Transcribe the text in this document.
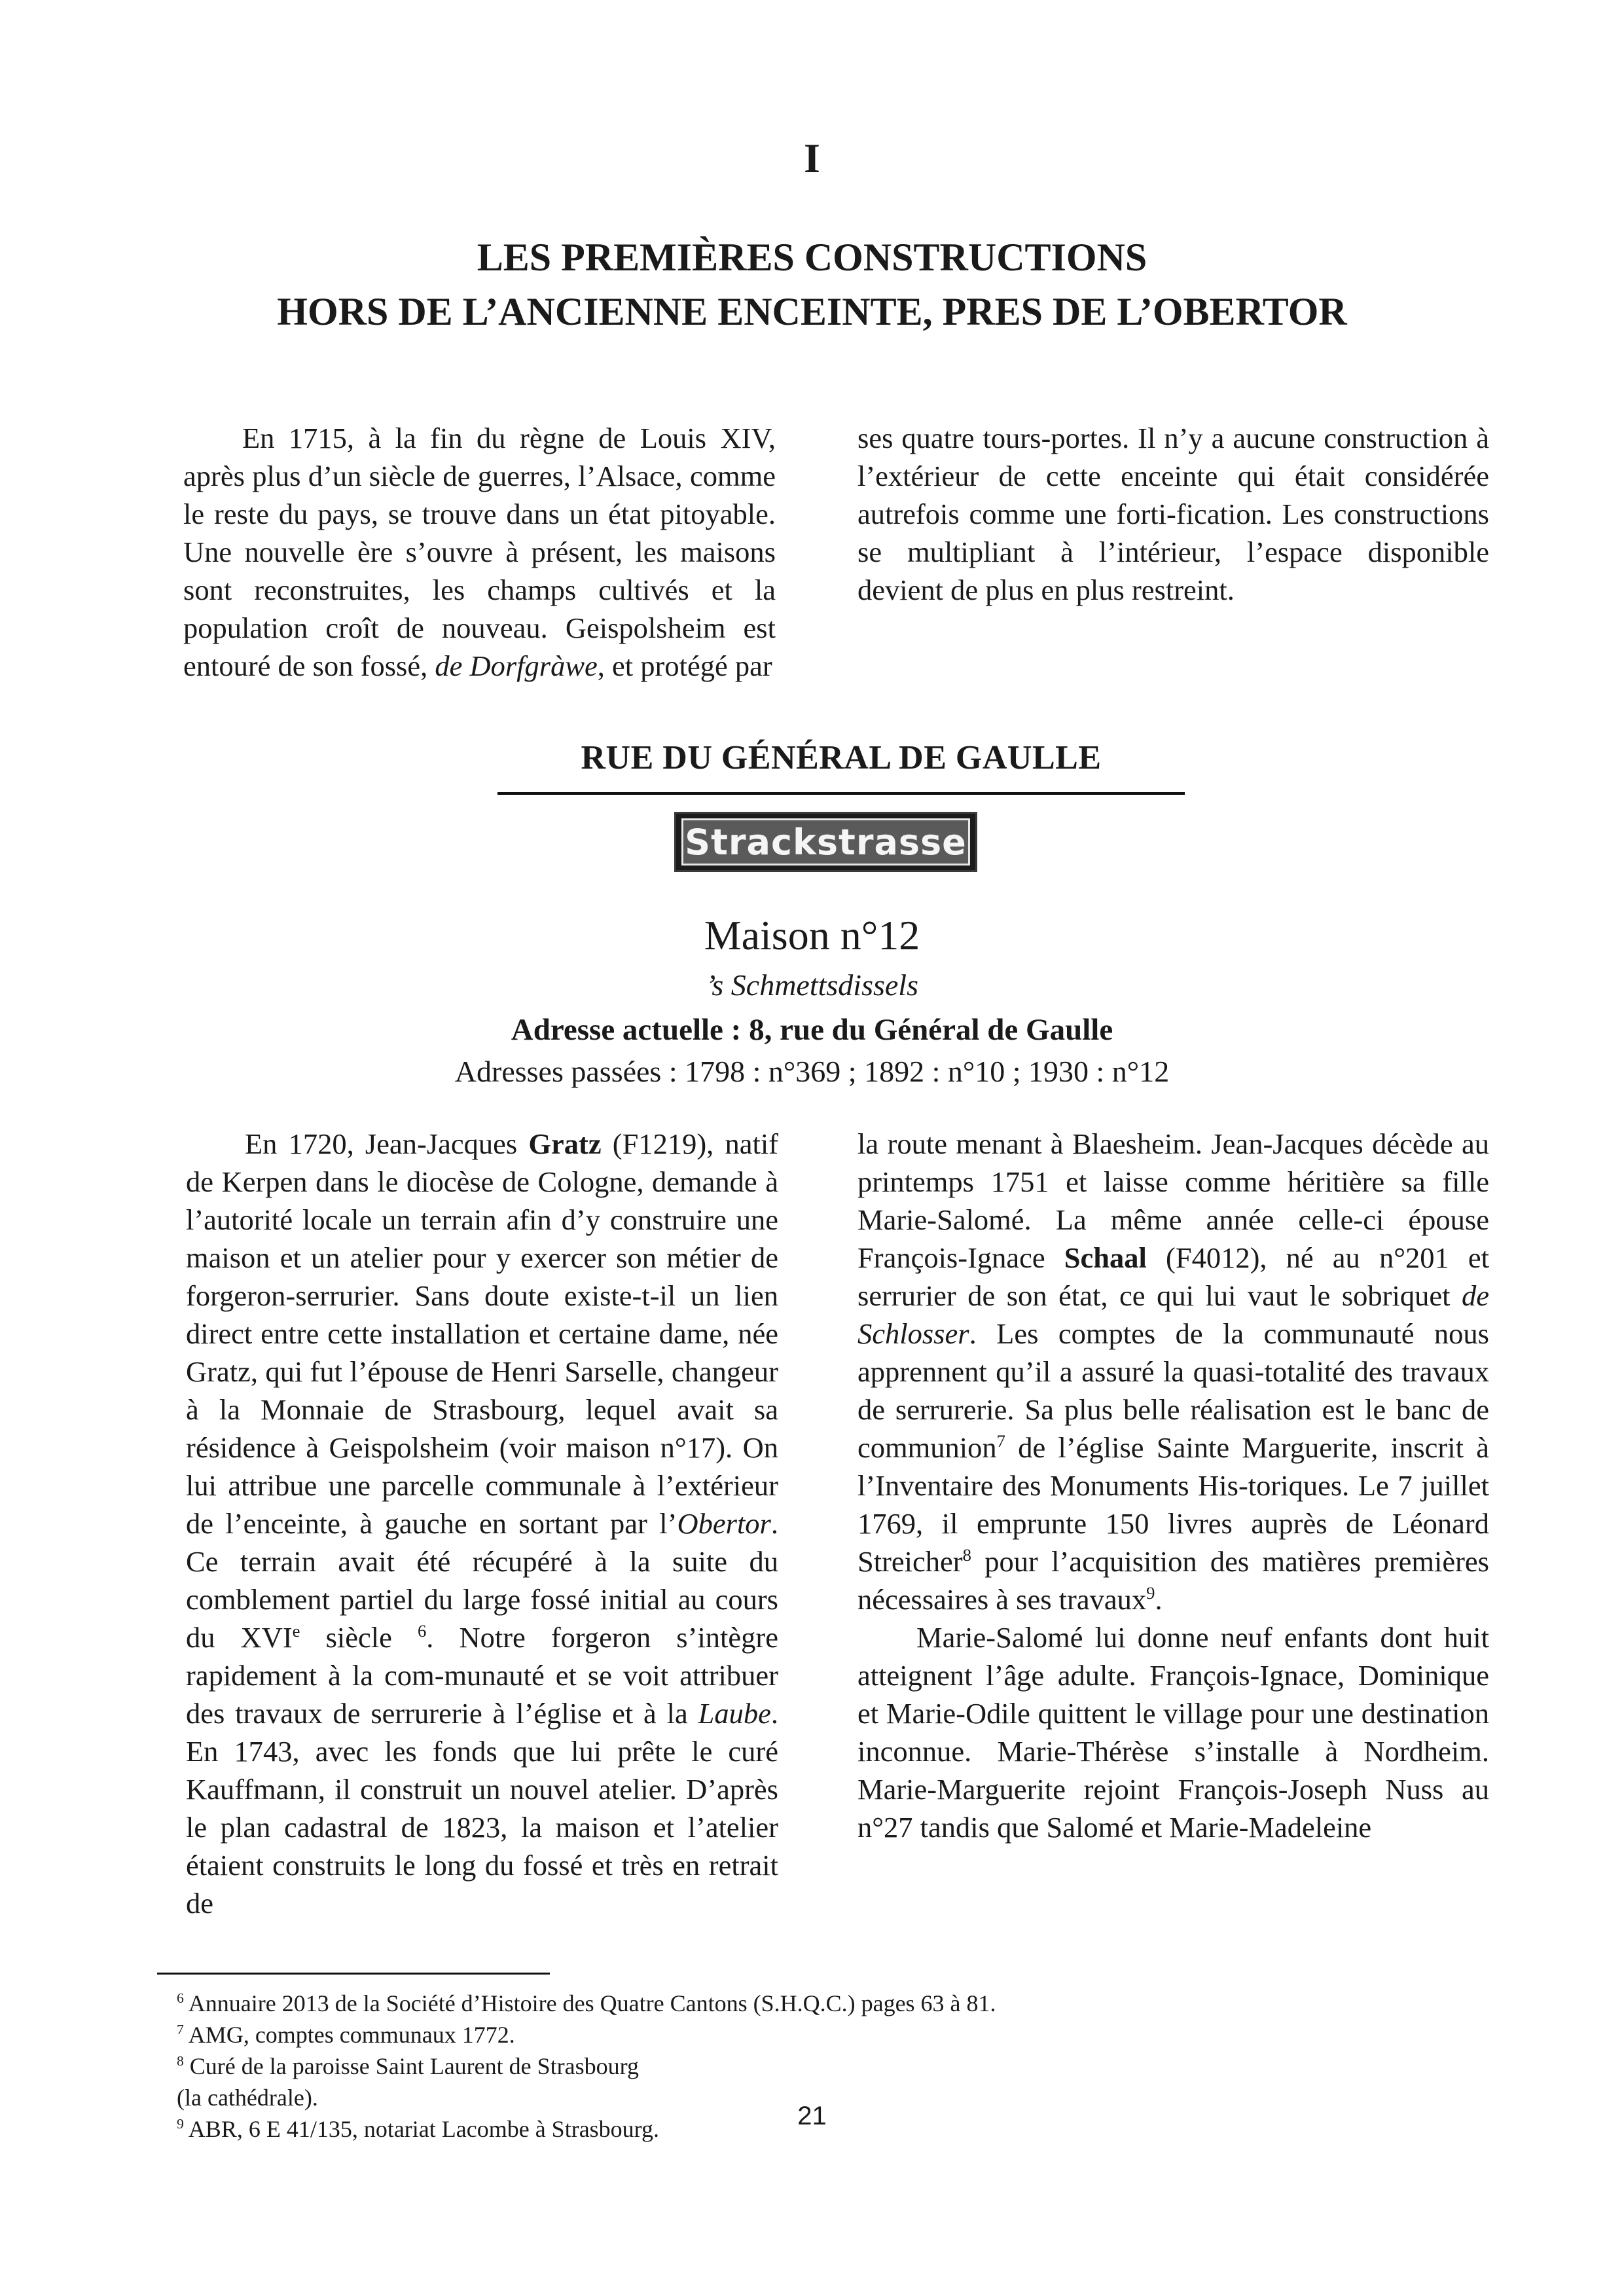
I
LES PREMIÈRES CONSTRUCTIONS
HORS DE L’ANCIENNE ENCEINTE, PRES DE L’OBERTOR

En 1715, à la fin du règne de Louis XIV, après plus d’un siècle de guerres, l’Alsace, comme le reste du pays, se trouve dans un état pitoyable. Une nouvelle ère s’ouvre à présent, les maisons sont reconstruites, les champs cultivés et la population croît de nouveau. Geispolsheim est entouré de son fossé, de Dorfgràwe, et protégé par

ses quatre tours-portes. Il n’y a aucune construction à l’extérieur de cette enceinte qui était considérée autrefois comme une forti-fication. Les constructions se multipliant à l’intérieur, l’espace disponible devient de plus en plus restreint.

RUE DU GÉNÉRAL DE GAULLE
Strackstrasse
Maison n°12
’s Schmettsdissels
Adresse actuelle : 8, rue du Général de Gaulle
Adresses passées : 1798 : n°369 ; 1892 : n°10 ; 1930 : n°12

En 1720, Jean-Jacques Gratz (F1219), natif de Kerpen dans le diocèse de Cologne, demande à l’autorité locale un terrain afin d’y construire une maison et un atelier pour y exercer son métier de forgeron-serrurier. Sans doute existe-t-il un lien direct entre cette installation et certaine dame, née Gratz, qui fut l’épouse de Henri Sarselle, changeur à la Monnaie de Strasbourg, lequel avait sa résidence à Geispolsheim (voir maison n°17). On lui attribue une parcelle communale à l’extérieur de l’enceinte, à gauche en sortant par l’Obertor. Ce terrain avait été récupéré à la suite du comblement partiel du large fossé initial au cours du XVIe siècle $^6$. Notre forgeron s’intègre rapidement à la com-munauté et se voit attribuer des travaux de serrurerie à l’église et à la Laube. En 1743, avec les fonds que lui prête le curé Kauffmann, il construit un nouvel atelier. D’après le plan cadastral de 1823, la maison et l’atelier étaient construits le long du fossé et très en retrait de

la route menant à Blaesheim. Jean-Jacques décède au printemps 1751 et laisse comme héritière sa fille Marie-Salomé. La même année celle-ci épouse François-Ignace Schaal (F4012), né au n°201 et serrurier de son état, ce qui lui vaut le sobriquet de Schlosser. Les comptes de la communauté nous apprennent qu’il a assuré la quasi-totalité des travaux de serrurerie. Sa plus belle réalisation est le banc de communion$^7$ de l’église Sainte Marguerite, inscrit à l’Inventaire des Monuments His-toriques. Le 7 juillet 1769, il emprunte 150 livres auprès de Léonard Streicher$^8$ pour l’acquisition des matières premières nécessaires à ses travaux$^9$.

Marie-Salomé lui donne neuf enfants dont huit atteignent l’âge adulte. François-Ignace, Dominique et Marie-Odile quittent le village pour une destination inconnue. Marie-Thérèse s’installe à Nordheim. Marie-Marguerite rejoint François-Joseph Nuss au n°27 tandis que Salomé et Marie-Madeleine

$^6$ Annuaire 2013 de la Société d’Histoire des Quatre Cantons (S.H.Q.C.) pages 63 à 81.
$^7$ AMG, comptes communaux 1772.
$^8$ Curé de la paroisse Saint Laurent de Strasbourg
(la cathédrale).
$^9$ ABR, 6 E 41/135, notariat Lacombe à Strasbourg.	21
